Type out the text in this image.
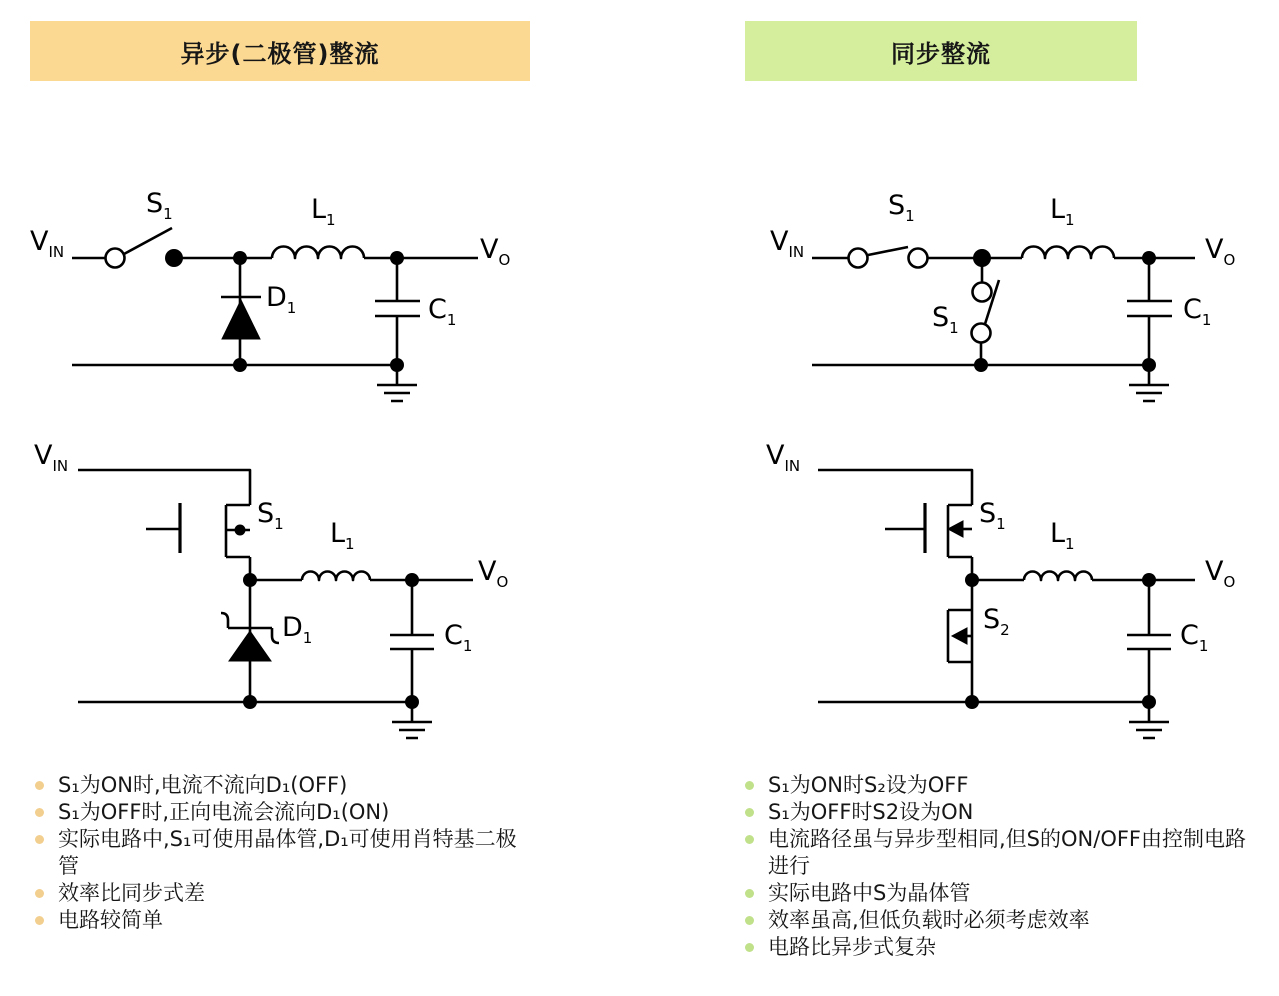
异步(二极管)整流	同步整流
$V_{IN}$
$S_1$	$L_1$
$V_O$
$D_1$	$C_1$
$V_{IN}$
$S_1$
$S_1$
$L_1$
$V_O$
$C_1$
$V_{IN}$
$S_1$ $L_1$
$V_O$
$D_1$	$C_1$
$V_{IN}$
$S_1$
$S_2$
$L_1$
$V_O$
$C_1$
S₁为ON时,电流不流向D₁(OFF)
S₁为OFF时,正向电流会流向D₁(ON)
实际电路中,S₁可使用晶体管,D₁可使用肖特基二极管
效率比同步式差
电路较简单
S₁为ON时S₂设为OFF
S₁为OFF时S2设为ON
电流路径虽与异步型相同,但S的ON/OFF由控制电路进行
实际电路中S为晶体管
效率虽高,但低负载时必须考虑效率
电路比异步式复杂
